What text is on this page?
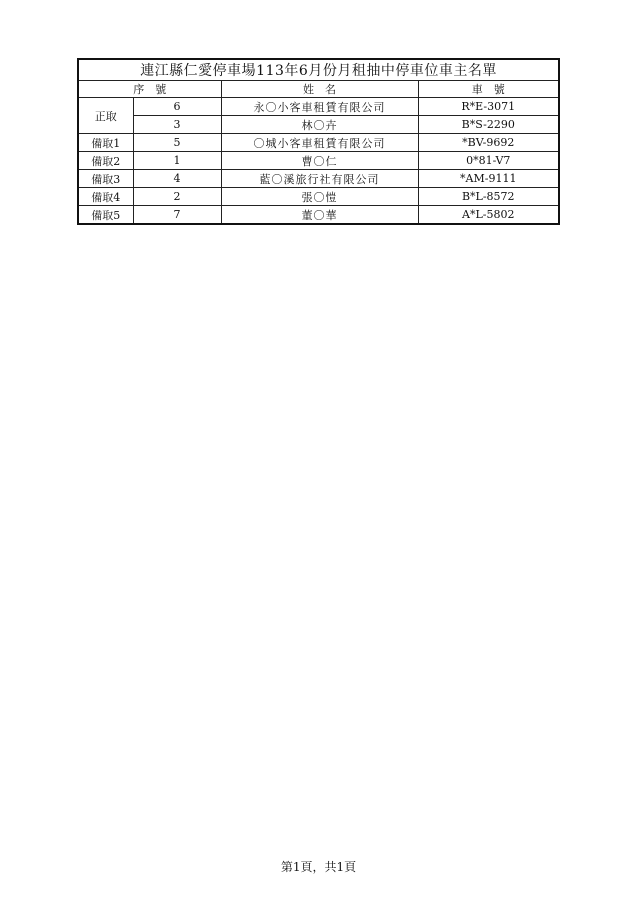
連江縣仁愛停車場113年6月份月租抽中停車位車主名單			
序　號		姓　名	車　號
正取	6	永〇小客車租賃有限公司	R*E-3071
	3	林〇卉	B*S-2290
備取1	5	〇城小客車租賃有限公司	*BV-9692
備取2	1	曹〇仁	0*81-V7
備取3	4	藍〇溪旅行社有限公司	*AM-9111
備取4	2	張〇愷	B*L-8572
備取5	7	董〇華	A*L-5802
第1頁，共1頁
